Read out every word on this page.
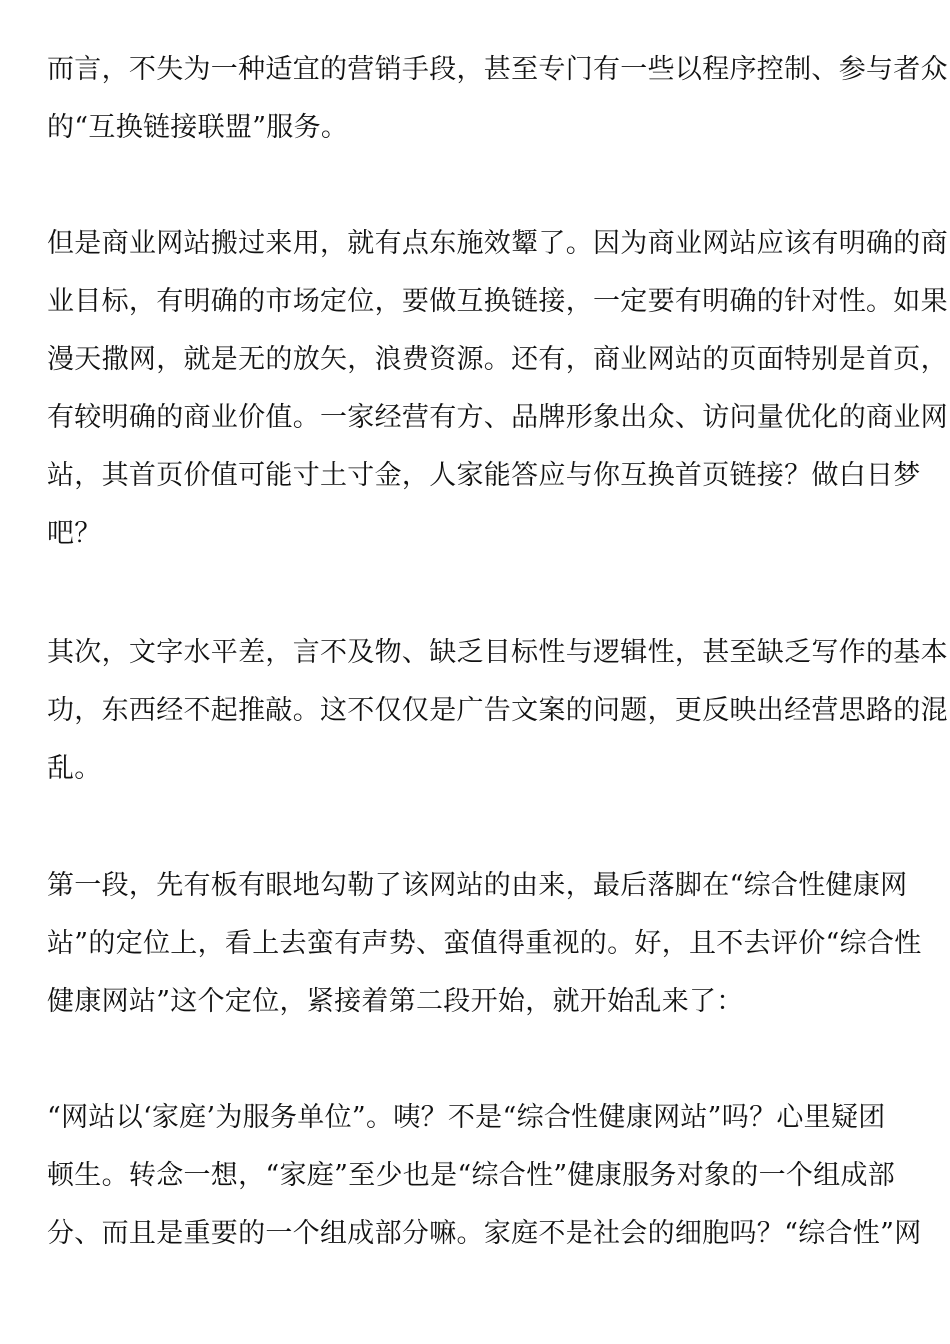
而言，不失为一种适宜的营销手段，甚至专门有一些以程序控制、参与者众
的“互换链接联盟”服务。
但是商业网站搬过来用，就有点东施效颦了。因为商业网站应该有明确的商
业目标，有明确的市场定位，要做互换链接，一定要有明确的针对性。如果
漫天撒网，就是无的放矢，浪费资源。还有，商业网站的页面特别是首页，
有较明确的商业价值。一家经营有方、品牌形象出众、访问量优化的商业网
站，其首页价值可能寸土寸金，人家能答应与你互换首页链接？做白日梦
吧？
其次，文字水平差，言不及物、缺乏目标性与逻辑性，甚至缺乏写作的基本
功，东西经不起推敲。这不仅仅是广告文案的问题，更反映出经营思路的混
乱。
第一段，先有板有眼地勾勒了该网站的由来，最后落脚在“综合性健康网
站”的定位上，看上去蛮有声势、蛮值得重视的。好，且不去评价“综合性
健康网站”这个定位，紧接着第二段开始，就开始乱来了：
“网站以‘家庭’为服务单位”。咦？不是“综合性健康网站”吗？心里疑团
顿生。转念一想，“家庭”至少也是“综合性”健康服务对象的一个组成部
分、而且是重要的一个组成部分嘛。家庭不是社会的细胞吗？“综合性”网
